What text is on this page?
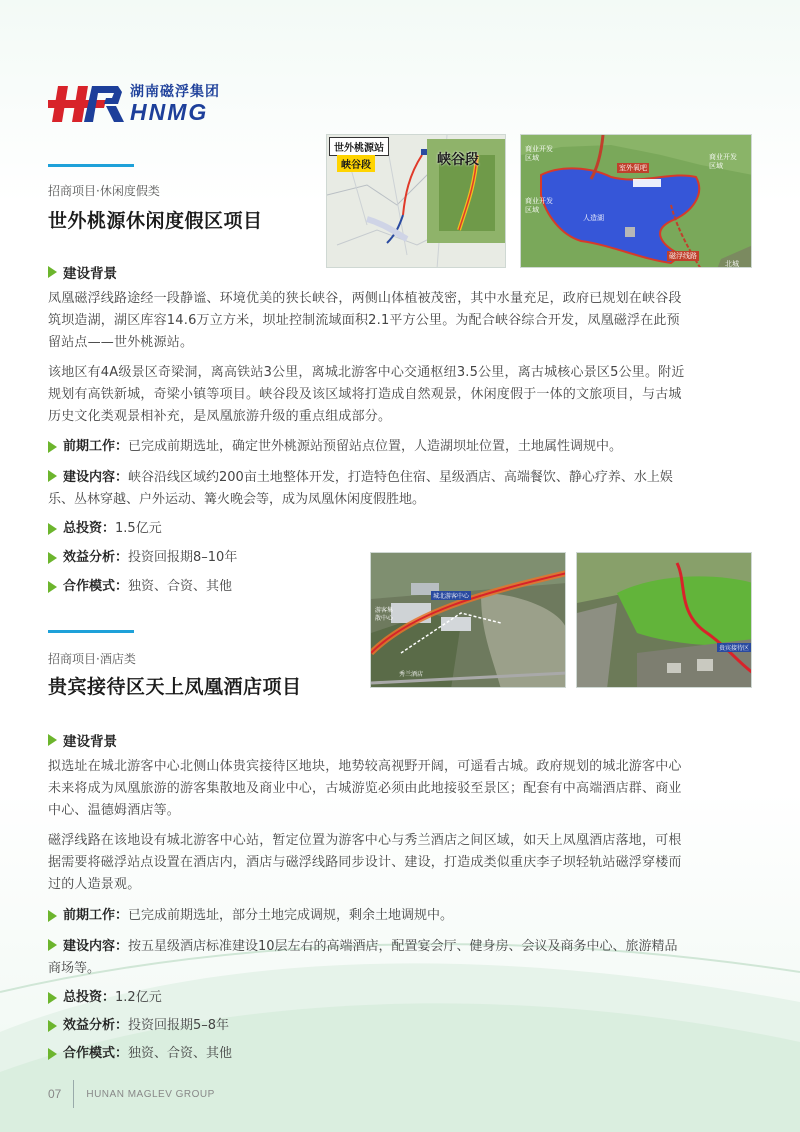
湖南磁浮集团
HNMG
招商项目·休闲度假类
世外桃源休闲度假区项目
世外桃源站
峡谷段	峡谷段
商业开发区域
室外氧吧
人造湖
商业开发区域
磁浮线路
北城
商业开发区域
建设背景

凤凰磁浮线路途经一段静谧、环境优美的狭长峡谷，两侧山体植被茂密，其中水量充足，政府已规划在峡谷段筑坝造湖，湖区库容14.6万立方米，坝址控制流域面积2.1平方公里。为配合峡谷综合开发，凤凰磁浮在此预留站点——世外桃源站。

该地区有4A级景区奇梁洞，离高铁站3公里，离城北游客中心交通枢纽3.5公里，离古城核心景区5公里。附近规划有高铁新城，奇梁小镇等项目。峡谷段及该区域将打造成自然观景，休闲度假于一体的文旅项目，与古城历史文化类观景相补充，是凤凰旅游升级的重点组成部分。

前期工作：已完成前期选址，确定世外桃源站预留站点位置，人造湖坝址位置，土地属性调规中。
建设内容：峡谷沿线区域约200亩土地整体开发，打造特色住宿、星级酒店、高端餐饮、静心疗养、水上娱乐、丛林穿越、户外运动、篝火晚会等，成为凤凰休闲度假胜地。
总投资： 1.5亿元
效益分析： 投资回报期8–10年
合作模式： 独资、合资、其他
游客集散中心
城北游客中心
秀兰酒店
贵宾接待区
招商项目·酒店类
贵宾接待区天上凤凰酒店项目
建设背景

拟选址在城北游客中心北侧山体贵宾接待区地块，地势较高视野开阔，可遥看古城。政府规划的城北游客中心未来将成为凤凰旅游的游客集散地及商业中心，古城游览必须由此地接驳至景区；配套有中高端酒店群、商业中心、温德姆酒店等。

磁浮线路在该地设有城北游客中心站，暂定位置为游客中心与秀兰酒店之间区域，如天上凤凰酒店落地，可根据需要将磁浮站点设置在酒店内，酒店与磁浮线路同步设计、建设，打造成类似重庆李子坝轻轨站磁浮穿楼而过的人造景观。

前期工作：已完成前期选址，部分土地完成调规，剩余土地调规中。
建设内容：按五星级酒店标准建设10层左右的高端酒店，配置宴会厅、健身房、会议及商务中心、旅游精品商场等。
总投资： 1.2亿元
效益分析： 投资回报期5–8年
合作模式： 独资、合资、其他
07	HUNAN MAGLEV GROUP
